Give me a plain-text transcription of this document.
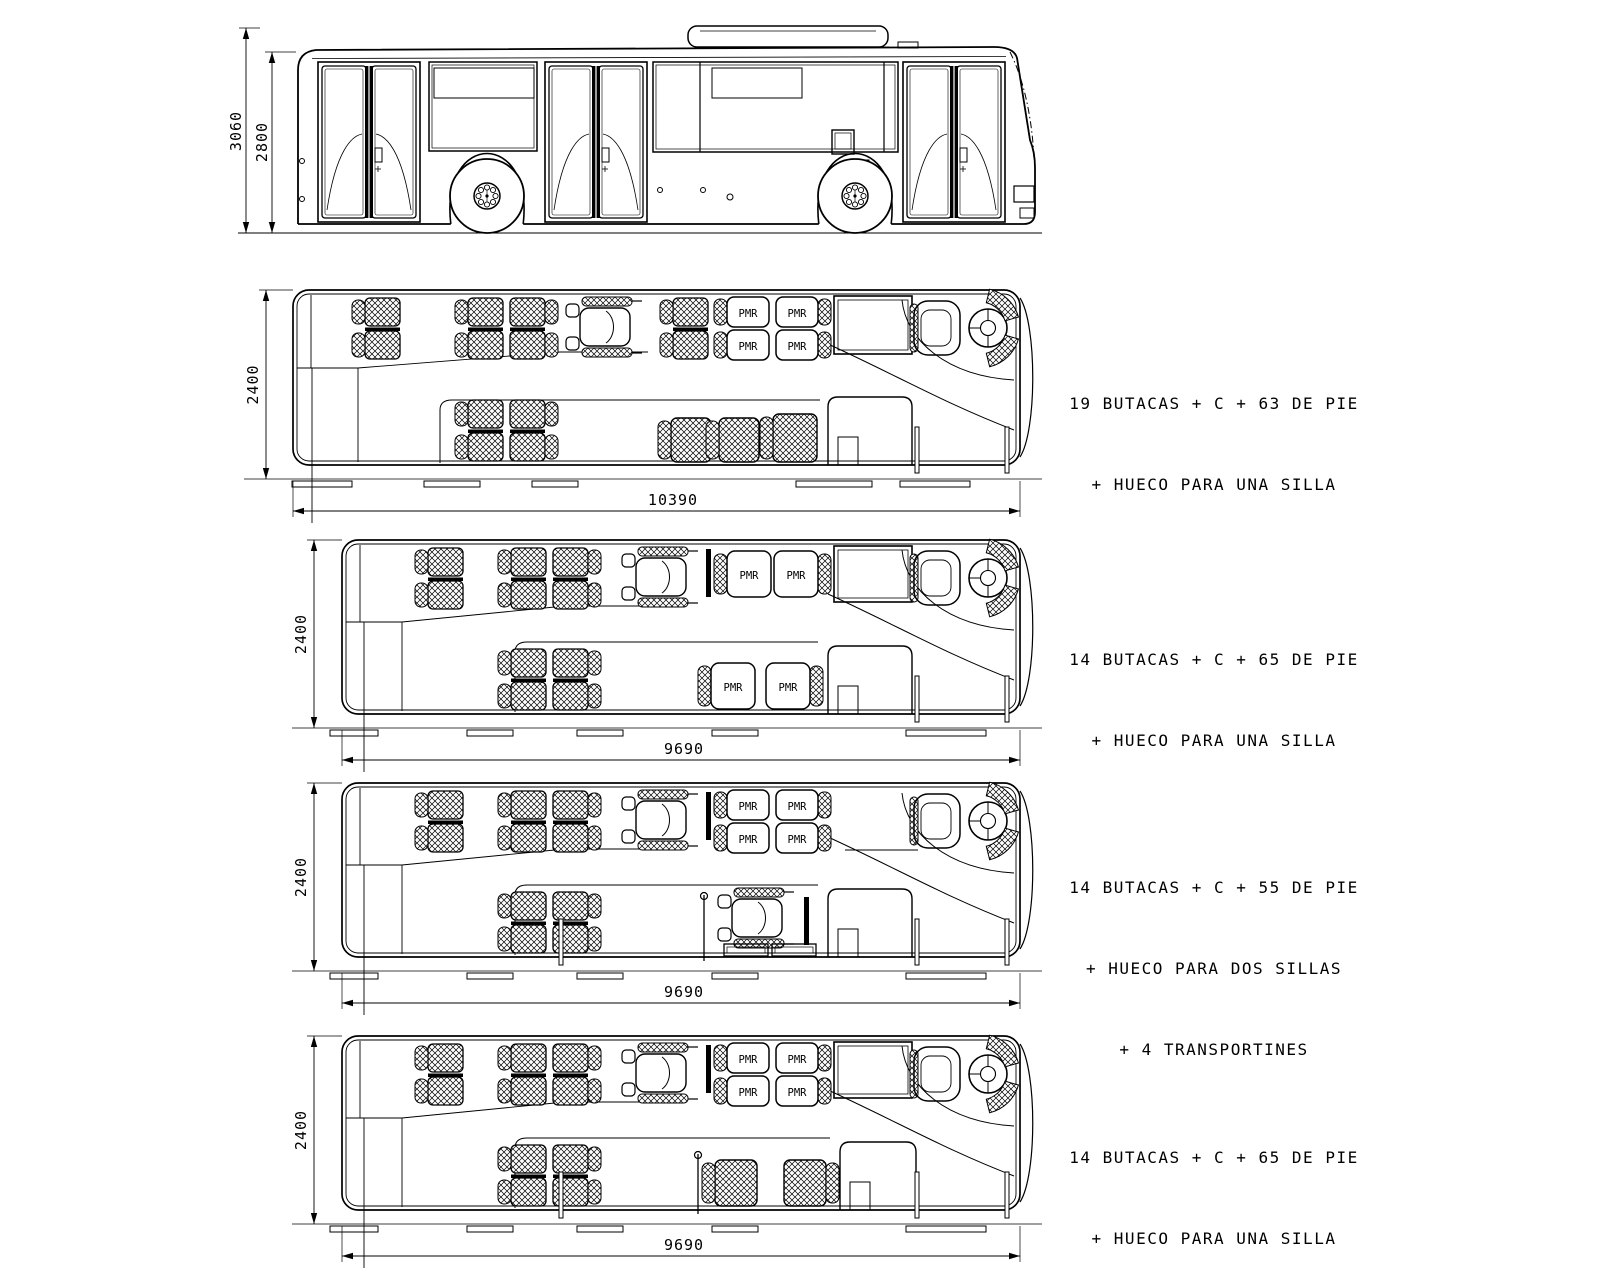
3060 2800
PMR
PMR
PMR
PMR
2400
10390
PMR	PMR
PMR	PMR
2400
9690
PMR
PMR
PMR
PMR
2400
9690
PMR
PMR
PMR
PMR
2400
9690

19 BUTACAS + C + 63 DE PIE

+ HUECO PARA UNA SILLA

14 BUTACAS + C + 65 DE PIE

+ HUECO PARA UNA SILLA

14 BUTACAS + C + 55 DE PIE

+ HUECO PARA DOS SILLAS

+ 4 TRANSPORTINES

14 BUTACAS + C + 65 DE PIE

+ HUECO PARA UNA SILLA
